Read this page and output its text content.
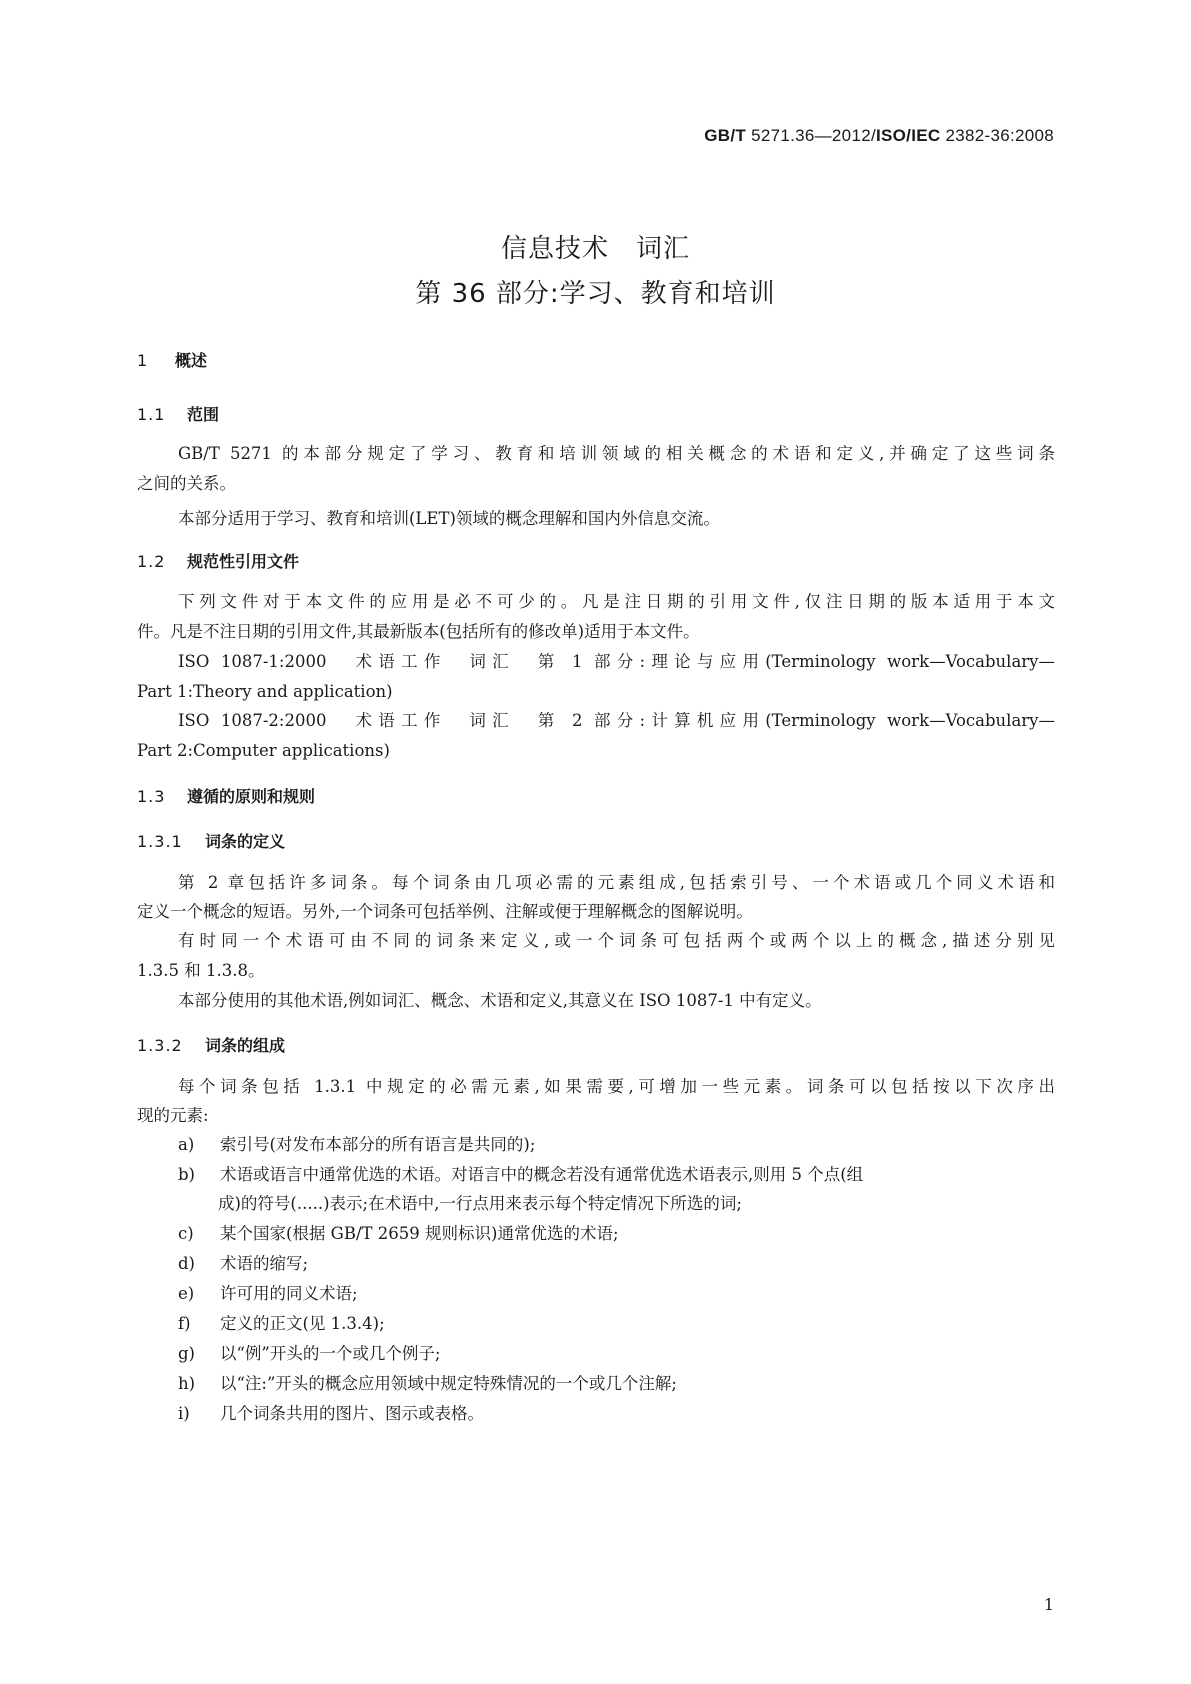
GB/T 5271.36—2012/ISO/IEC 2382-36:2008
信息技术　词汇
第 36 部分:学习、教育和培训
1 概述
1.1 范围
GB/T 5271 的本部分规定了学习、教育和培训领域的相关概念的术语和定义,并确定了这些词条
之间的关系。
本部分适用于学习、教育和培训(LET)领域的概念理解和国内外信息交流。
1.2 规范性引用文件
下列文件对于本文件的应用是必不可少的。凡是注日期的引用文件,仅注日期的版本适用于本文
件。凡是不注日期的引用文件,其最新版本(包括所有的修改单)适用于本文件。
ISO 1087-1:2000　术语工作　词汇　第 1 部分:理论与应用(Terminology work—Vocabulary—
Part 1:Theory and application)
ISO 1087-2:2000　术语工作　词汇　第 2 部分:计算机应用(Terminology work—Vocabulary—
Part 2:Computer applications)
1.3 遵循的原则和规则
1.3.1 词条的定义
第 2 章包括许多词条。每个词条由几项必需的元素组成,包括索引号、一个术语或几个同义术语和
定义一个概念的短语。另外,一个词条可包括举例、注解或便于理解概念的图解说明。
有时同一个术语可由不同的词条来定义,或一个词条可包括两个或两个以上的概念,描述分别见
1.3.5 和 1.3.8。
本部分使用的其他术语,例如词汇、概念、术语和定义,其意义在 ISO 1087-1 中有定义。
1.3.2 词条的组成
每个词条包括 1.3.1 中规定的必需元素,如果需要,可增加一些元素。词条可以包括按以下次序出
现的元素:
a) 索引号(对发布本部分的所有语言是共同的);
b) 术语或语言中通常优选的术语。对语言中的概念若没有通常优选术语表示,则用 5 个点(组
成)的符号(.....)表示;在术语中,一行点用来表示每个特定情况下所选的词;
c) 某个国家(根据 GB/T 2659 规则标识)通常优选的术语;
d) 术语的缩写;
e) 许可用的同义术语;
f) 定义的正文(见 1.3.4);
g) 以“例”开头的一个或几个例子;
h) 以“注:”开头的概念应用领域中规定特殊情况的一个或几个注解;
i) 几个词条共用的图片、图示或表格。
1
